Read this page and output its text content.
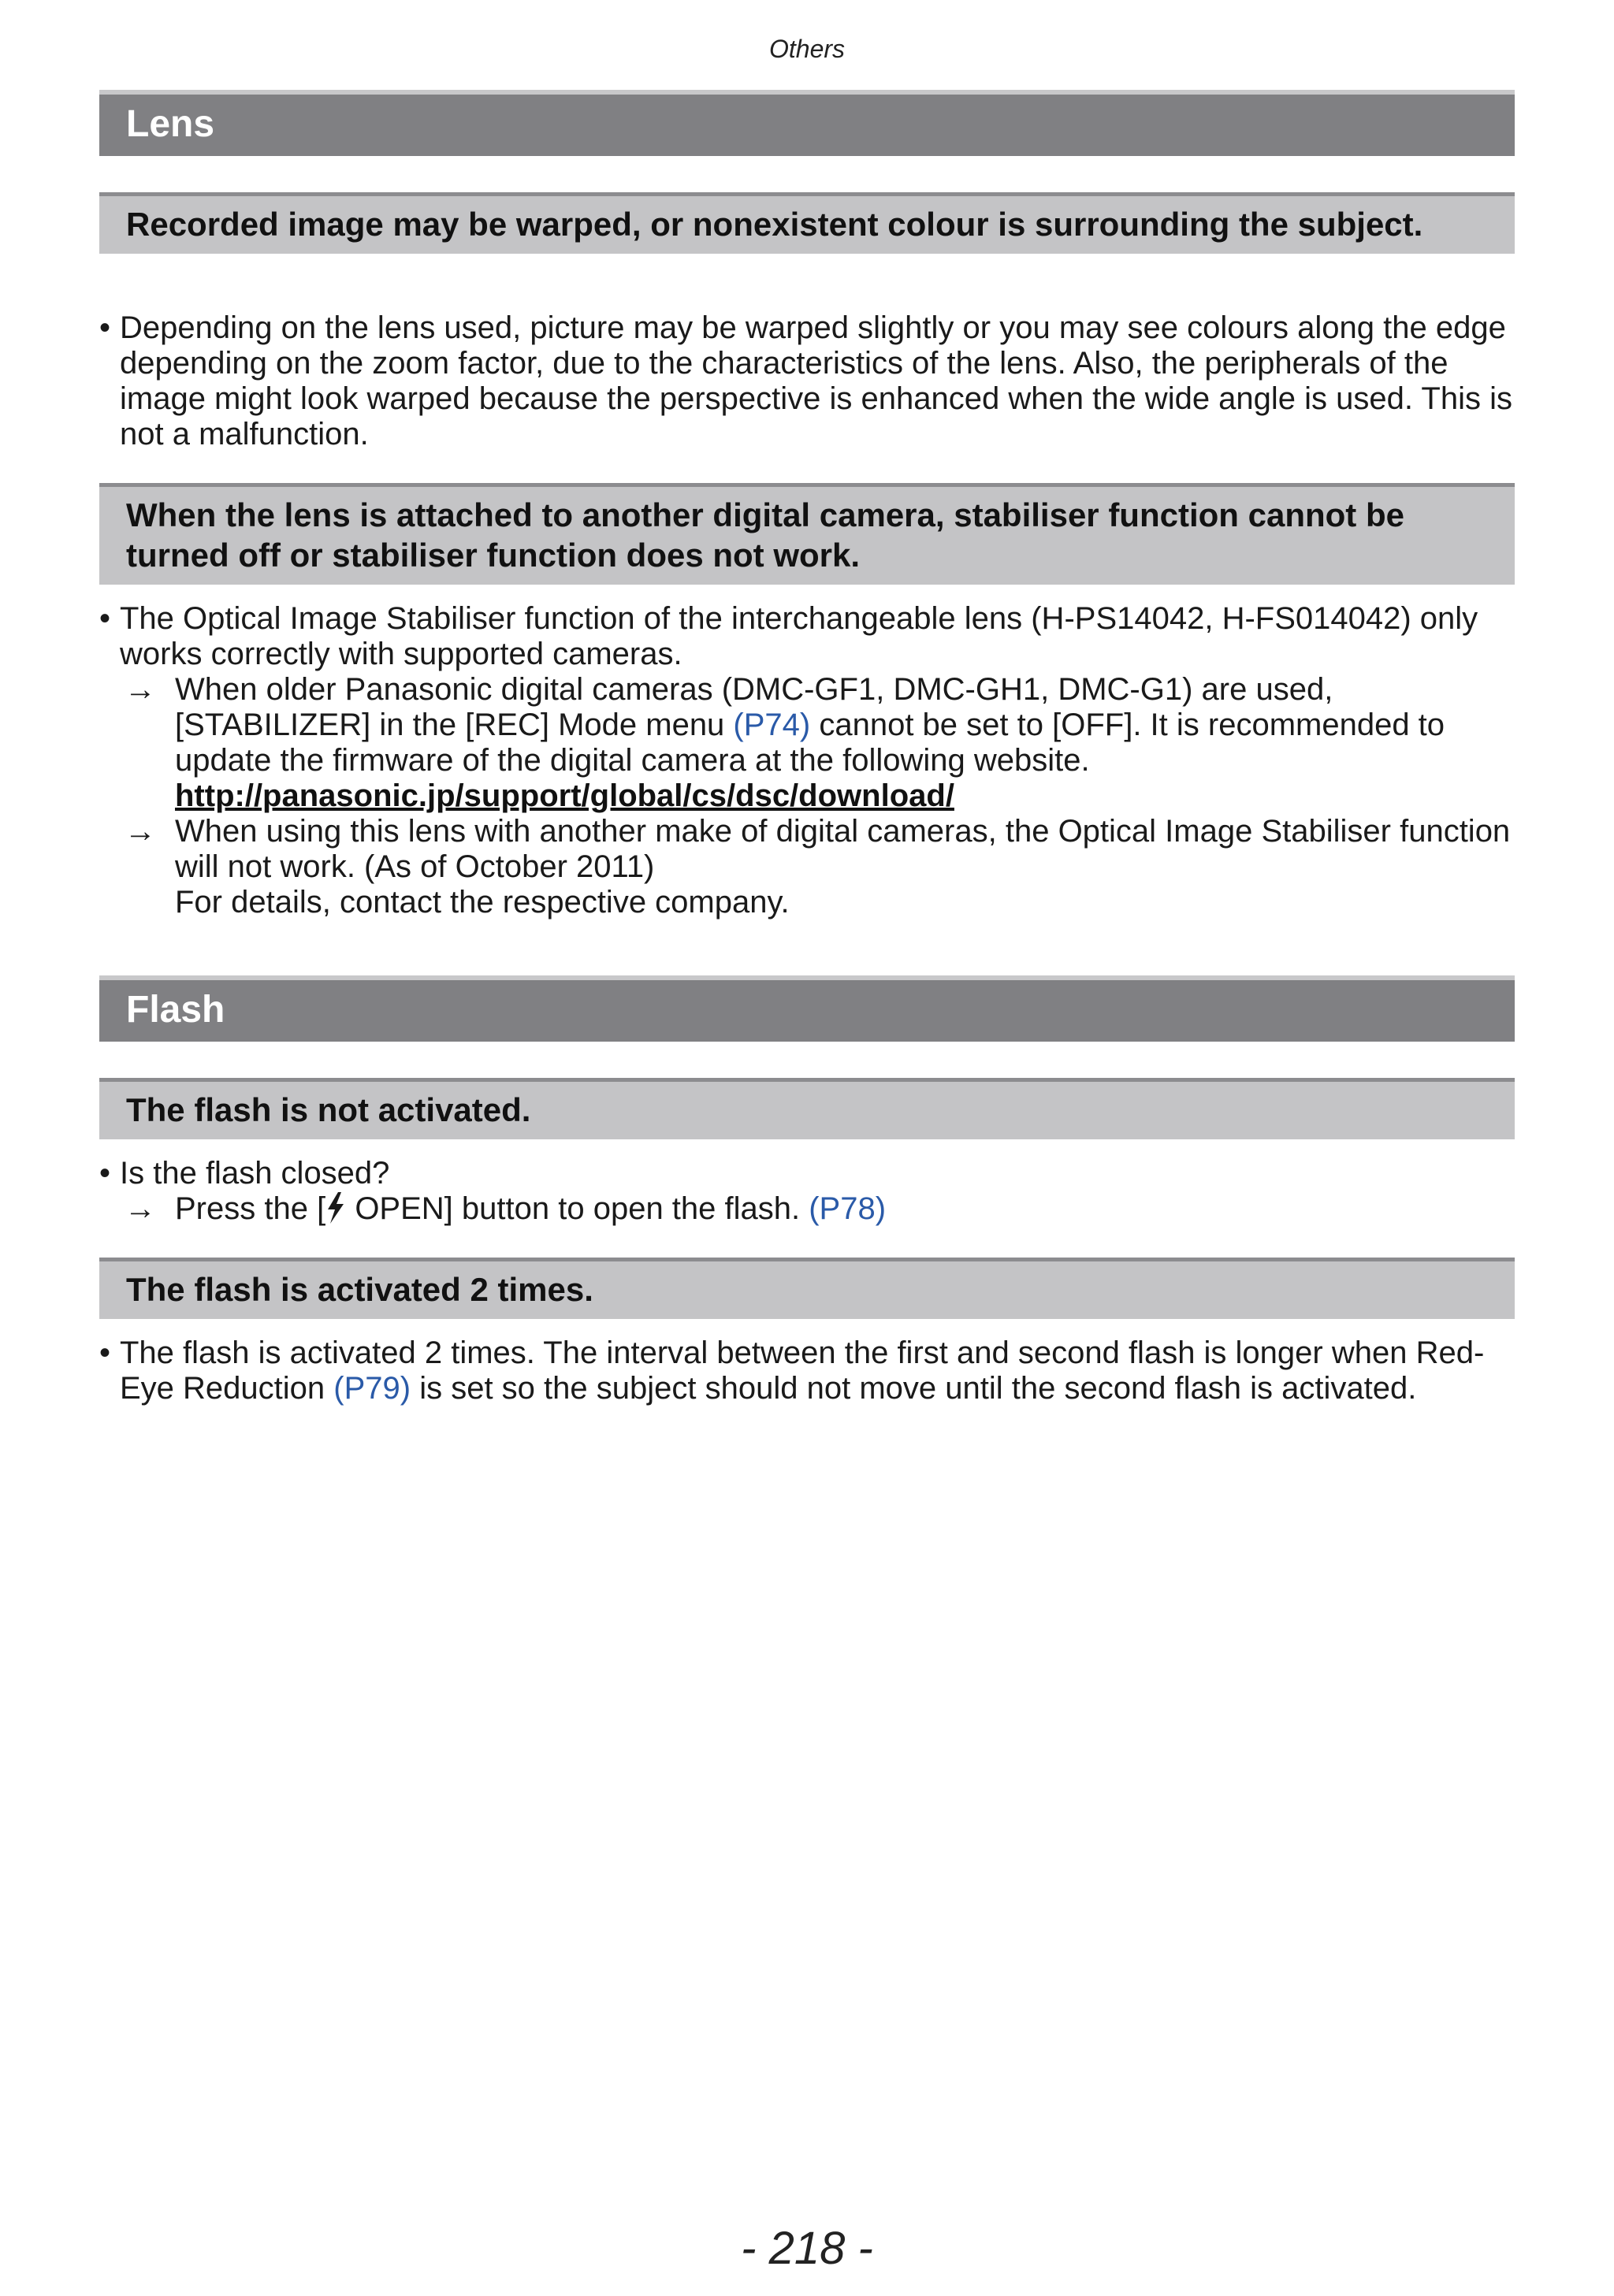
Others
Lens
Recorded image may be warped, or nonexistent colour is surrounding the subject.
• Depending on the lens used, picture may be warped slightly or you may see colours along the edge depending on the zoom factor, due to the characteristics of the lens. Also, the peripherals of the image might look warped because the perspective is enhanced when the wide angle is used. This is not a malfunction.
When the lens is attached to another digital camera, stabiliser function cannot be turned off or stabiliser function does not work.
• The Optical Image Stabiliser function of the interchangeable lens (H-PS14042, H-FS014042) only works correctly with supported cameras.
→ When older Panasonic digital cameras (DMC-GF1, DMC-GH1, DMC-G1) are used, [STABILIZER] in the [REC] Mode menu (P74) cannot be set to [OFF]. It is recommended to update the firmware of the digital camera at the following website.
http://panasonic.jp/support/global/cs/dsc/download/
→ When using this lens with another make of digital cameras, the Optical Image Stabiliser function will not work. (As of October 2011)
For details, contact the respective company.
Flash
The flash is not activated.
• Is the flash closed?
→ Press the [ OPEN] button to open the flash. (P78)
The flash is activated 2 times.
• The flash is activated 2 times. The interval between the first and second flash is longer when Red-Eye Reduction (P79) is set so the subject should not move until the second flash is activated.
- 218 -
